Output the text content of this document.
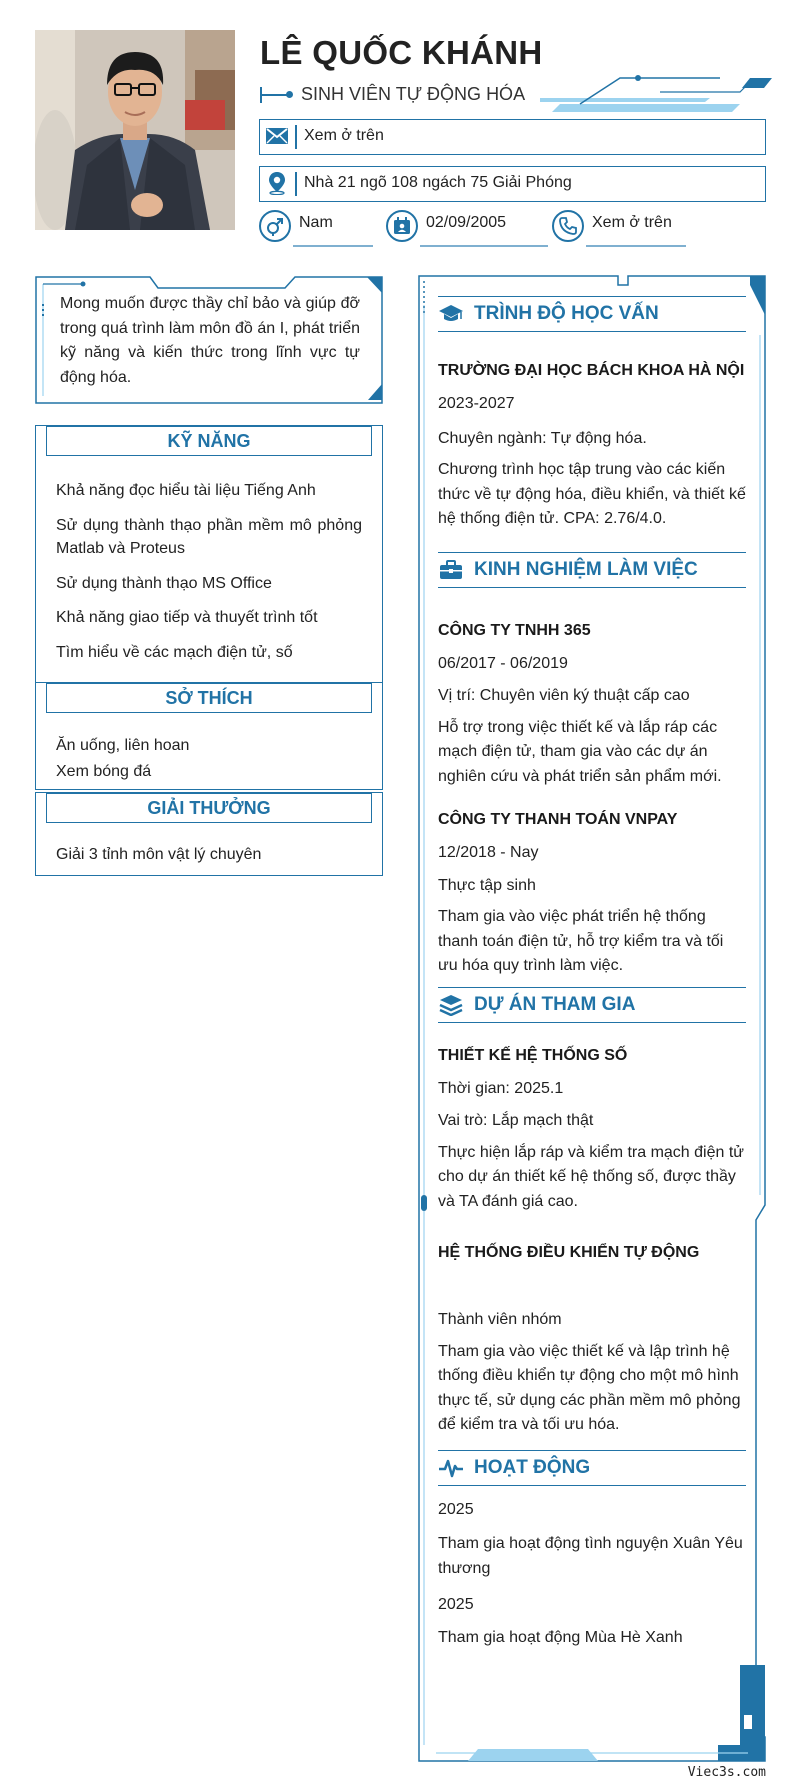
LÊ QUỐC KHÁNH
SINH VIÊN TỰ ĐỘNG HÓA
Xem ở trên
Nhà 21 ngõ 108 ngách 75 Giải Phóng
Nam	02/09/2005	Xem ở trên
Mong muốn được thầy chỉ bảo và giúp đỡ trong quá trình làm môn đồ án I, phát triển kỹ năng và kiến thức trong lĩnh vực tự động hóa.
KỸ NĂNG
Khả năng đọc hiểu tài liệu Tiếng Anh
Sử dụng thành thạo phần mềm mô phỏng Matlab và Proteus
Sử dụng thành thạo MS Office
Khả năng giao tiếp và thuyết trình tốt
Tìm hiểu về các mạch điện tử, số
SỞ THÍCH
Ăn uống, liên hoan
Xem bóng đá
GIẢI THƯỞNG
Giải 3 tỉnh môn vật lý chuyên
TRÌNH ĐỘ HỌC VẤN
TRƯỜNG ĐẠI HỌC BÁCH KHOA HÀ NỘI
2023-2027
Chuyên ngành: Tự động hóa.
Chương trình học tập trung vào các kiến thức về tự động hóa, điều khiển, và thiết kế hệ thống điện tử. CPA: 2.76/4.0.
KINH NGHIỆM LÀM VIỆC
CÔNG TY TNHH 365
06/2017 - 06/2019
Vị trí: Chuyên viên ký thuật cấp cao
Hỗ trợ trong việc thiết kế và lắp ráp các mạch điện tử, tham gia vào các dự án nghiên cứu và phát triển sản phẩm mới.
CÔNG TY THANH TOÁN VNPAY
12/2018 - Nay
Thực tập sinh
Tham gia vào việc phát triển hệ thống thanh toán điện tử, hỗ trợ kiểm tra và tối ưu hóa quy trình làm việc.
DỰ ÁN THAM GIA
THIẾT KẾ HỆ THỐNG SỐ
Thời gian: 2025.1
Vai trò: Lắp mạch thật
Thực hiện lắp ráp và kiểm tra mạch điện tử cho dự án thiết kế hệ thống số, được thầy và TA đánh giá cao.
HỆ THỐNG ĐIỀU KHIỂN TỰ ĐỘNG
Thành viên nhóm
Tham gia vào việc thiết kế và lập trình hệ thống điều khiển tự động cho một mô hình thực tế, sử dụng các phần mềm mô phỏng để kiểm tra và tối ưu hóa.
HOẠT ĐỘNG
2025
Tham gia hoạt động tình nguyện Xuân Yêu thương
2025
Tham gia hoạt động Mùa Hè Xanh
Viec3s.com
